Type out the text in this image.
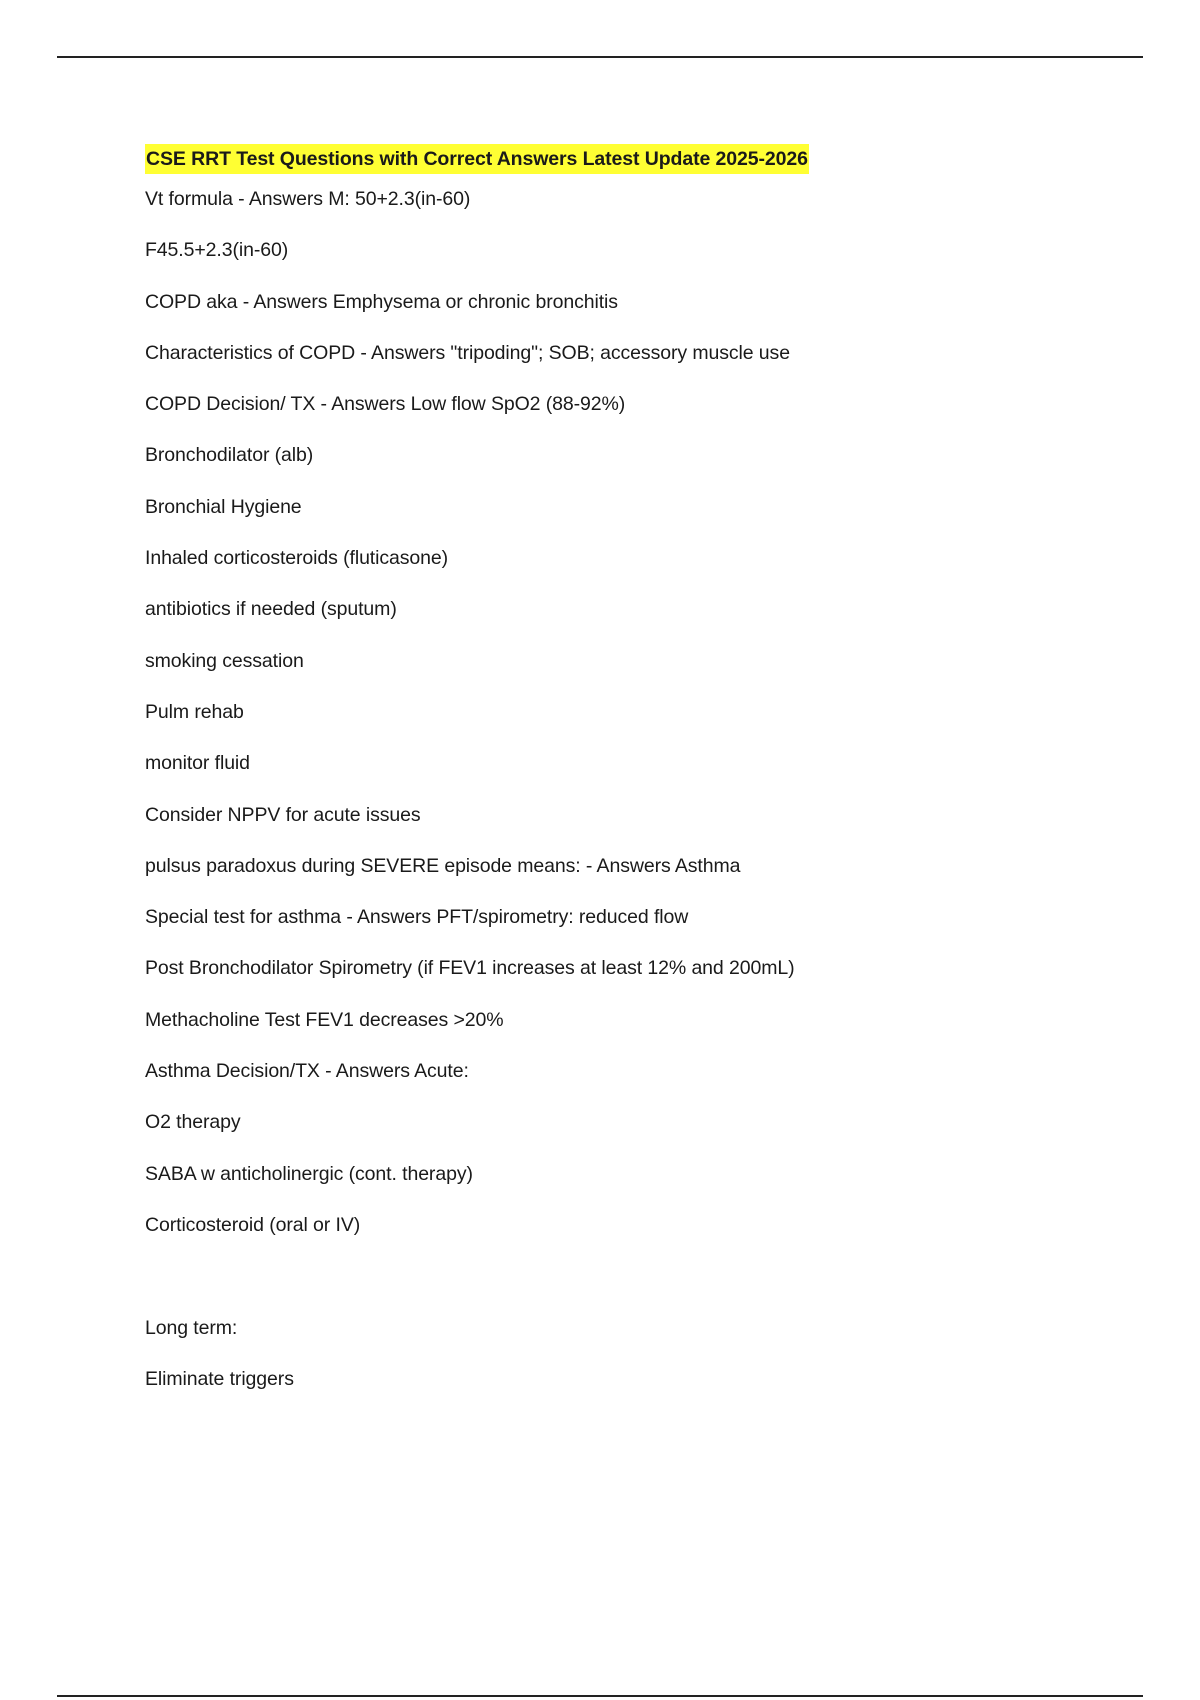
CSE RRT Test Questions with Correct Answers Latest Update 2025-2026
Vt formula - Answers M: 50+2.3(in-60)
F45.5+2.3(in-60)
COPD aka - Answers Emphysema or chronic bronchitis
Characteristics of COPD - Answers "tripoding"; SOB; accessory muscle use
COPD Decision/ TX - Answers Low flow SpO2 (88-92%)
Bronchodilator (alb)
Bronchial Hygiene
Inhaled corticosteroids (fluticasone)
antibiotics if needed (sputum)
smoking cessation
Pulm rehab
monitor fluid
Consider NPPV for acute issues
pulsus paradoxus during SEVERE episode means: - Answers Asthma
Special test for asthma - Answers PFT/spirometry: reduced flow
Post Bronchodilator Spirometry (if FEV1 increases at least 12% and 200mL)
Methacholine Test FEV1 decreases >20%
Asthma Decision/TX - Answers Acute:
O2 therapy
SABA w anticholinergic (cont. therapy)
Corticosteroid (oral or IV)
Long term:
Eliminate triggers
